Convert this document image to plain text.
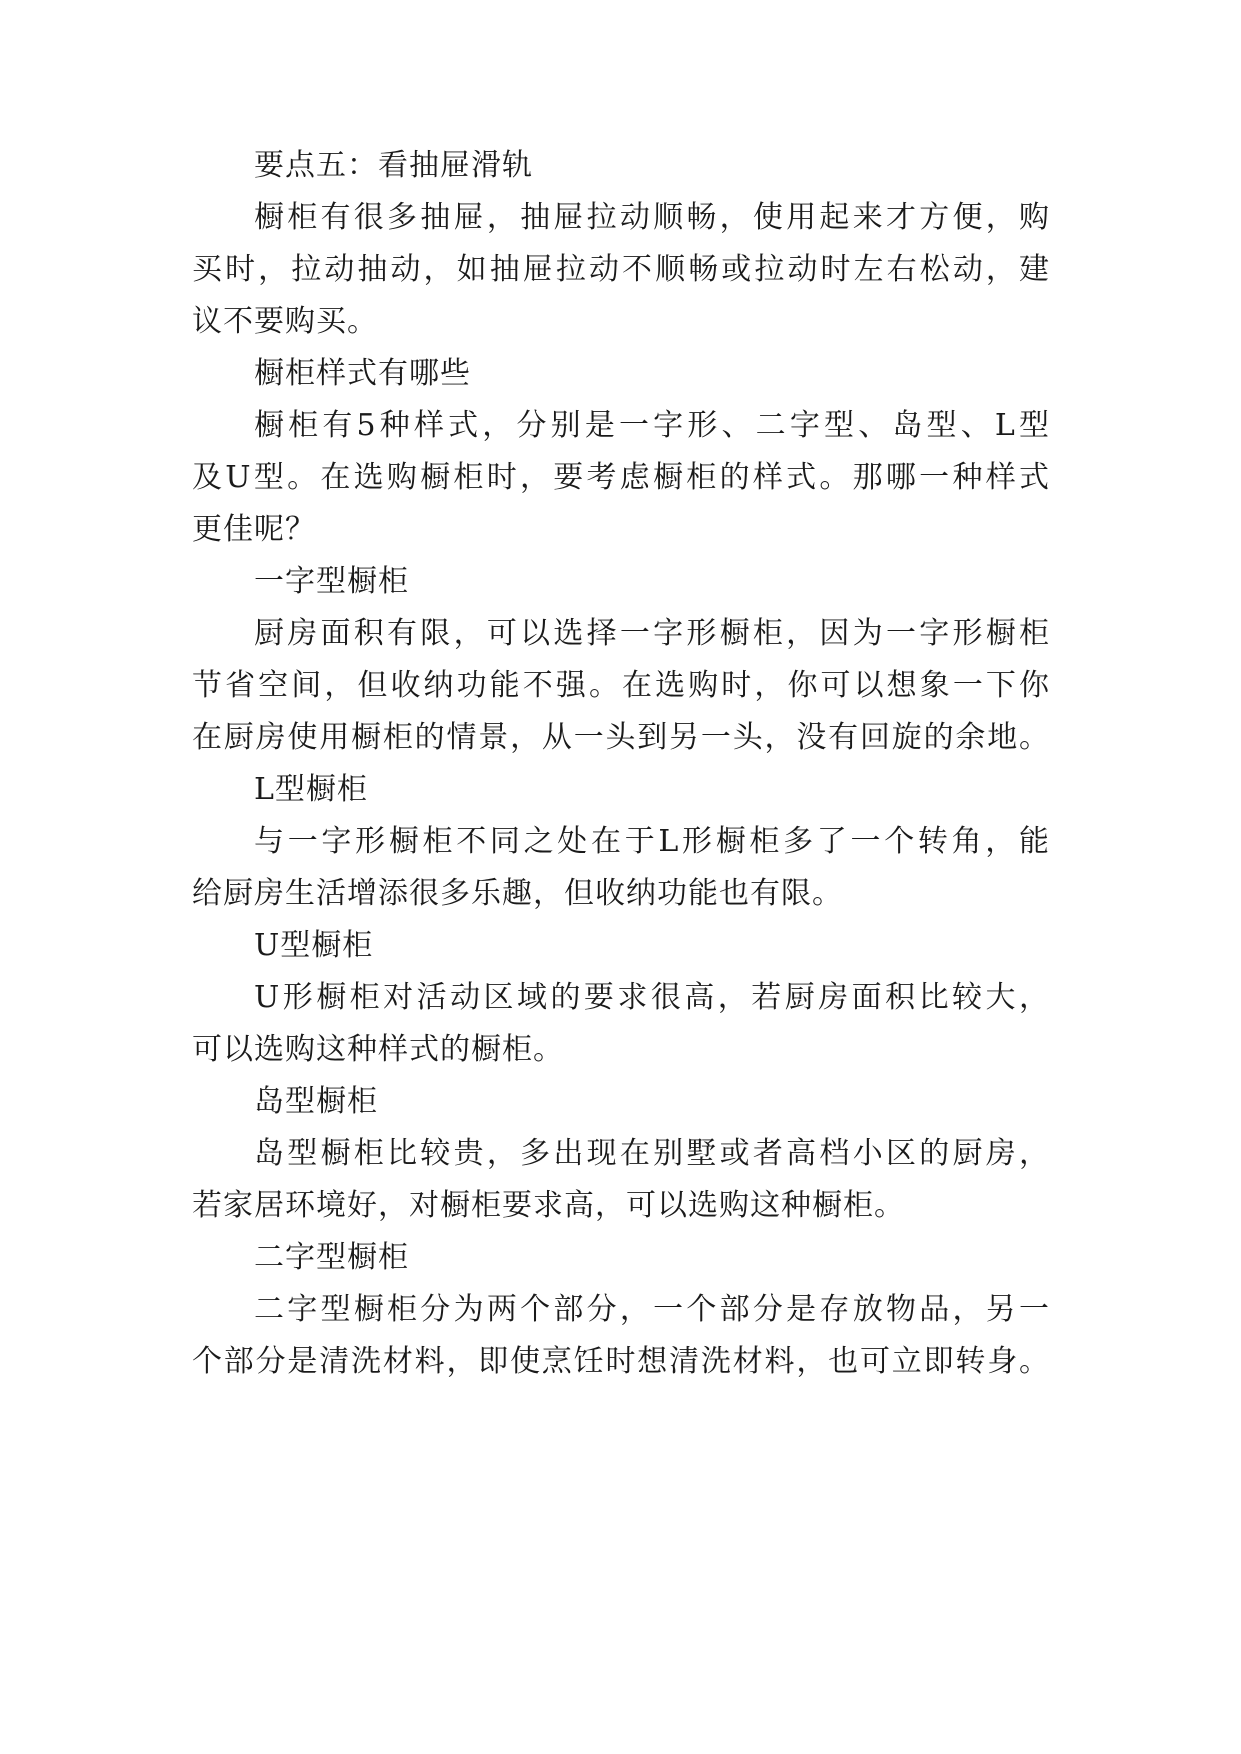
要点五：看抽屉滑轨

橱柜有很多抽屉，抽屉拉动顺畅，使用起来才方便，购

买时，拉动抽动，如抽屉拉动不顺畅或拉动时左右松动，建

议不要购买。

橱柜样式有哪些

橱柜有5种样式，分别是一字形、二字型、岛型、L型

及U型。在选购橱柜时，要考虑橱柜的样式。那哪一种样式

更佳呢？

一字型橱柜

厨房面积有限，可以选择一字形橱柜，因为一字形橱柜

节省空间，但收纳功能不强。在选购时，你可以想象一下你

在厨房使用橱柜的情景，从一头到另一头，没有回旋的余地。

L型橱柜

与一字形橱柜不同之处在于L形橱柜多了一个转角，能

给厨房生活增添很多乐趣，但收纳功能也有限。

U型橱柜

U形橱柜对活动区域的要求很高，若厨房面积比较大，

可以选购这种样式的橱柜。

岛型橱柜

岛型橱柜比较贵，多出现在别墅或者高档小区的厨房，

若家居环境好，对橱柜要求高，可以选购这种橱柜。

二字型橱柜

二字型橱柜分为两个部分，一个部分是存放物品，另一

个部分是清洗材料，即使烹饪时想清洗材料，也可立即转身。
